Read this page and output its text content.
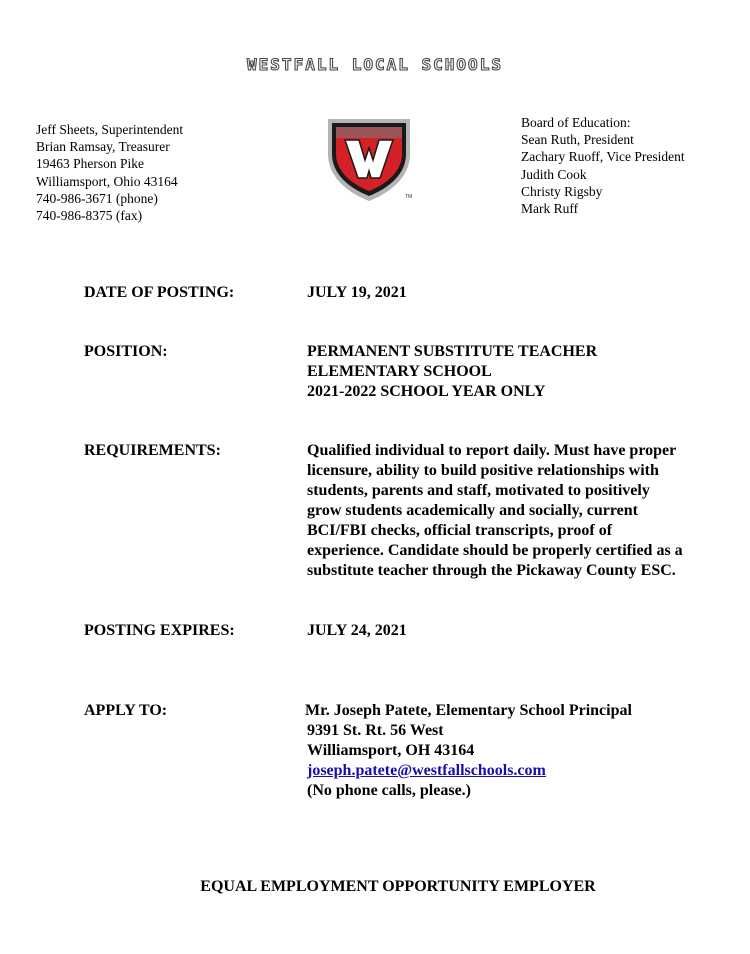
WESTFALL LOCAL SCHOOLS
Jeff Sheets, Superintendent
Brian Ramsay, Treasurer
19463 Pherson Pike
Williamsport, Ohio 43164
740-986-3671 (phone)
740-986-8375 (fax)
TM
Board of Education:
Sean Ruth, President
Zachary Ruoff, Vice President
Judith Cook
Christy Rigsby
Mark Ruff
DATE OF POSTING:	JULY 19, 2021
POSITION:	PERMANENT SUBSTITUTE TEACHER
ELEMENTARY SCHOOL
2021-2022 SCHOOL YEAR ONLY
REQUIREMENTS:	Qualified individual to report daily. Must have proper
licensure, ability to build positive relationships with
students, parents and staff, motivated to positively
grow students academically and socially, current
BCI/FBI checks, official transcripts, proof of
experience. Candidate should be properly certified as a
substitute teacher through the Pickaway County ESC.
POSTING EXPIRES:	JULY 24, 2021
APPLY TO:	Mr. Joseph Patete, Elementary School Principal
9391 St. Rt. 56 West
Williamsport, OH 43164
joseph.patete@westfallschools.com
(No phone calls, please.)
EQUAL EMPLOYMENT OPPORTUNITY EMPLOYER
